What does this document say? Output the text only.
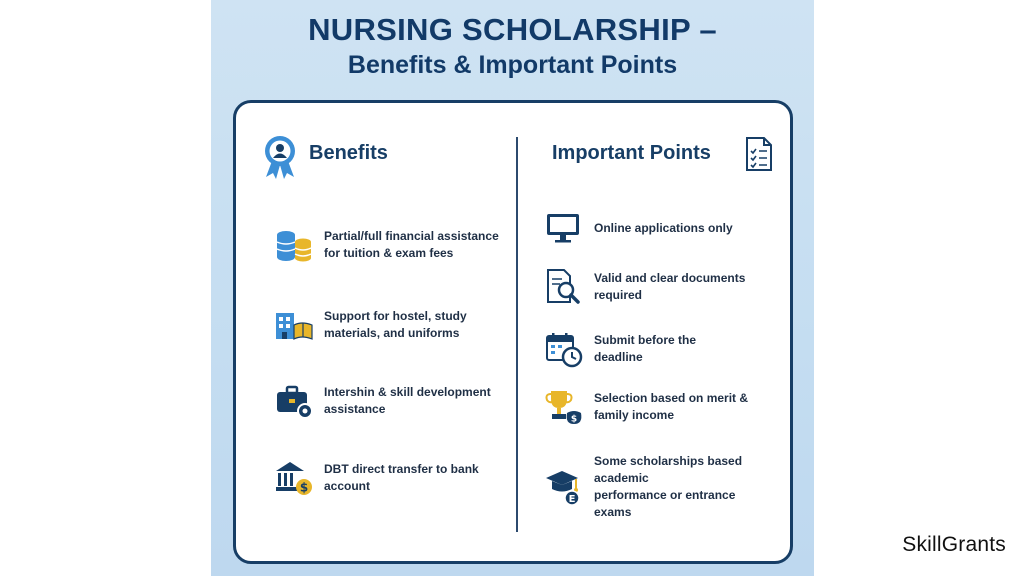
NURSING SCHOLARSHIP –
Benefits & Important Points
Benefits	Important Points
Partial/full financial assistance
for tuition & exam fees
Support for hostel, study
materials, and uniforms
Intershin & skill development
assistance
$
DBT direct transfer to bank
account
Online applications only
Valid and clear documents
required
Submit before the
deadline
$
Selection based on merit &
family income
E
Some scholarships based academic
performance or entrance
exams
SkillGrants
